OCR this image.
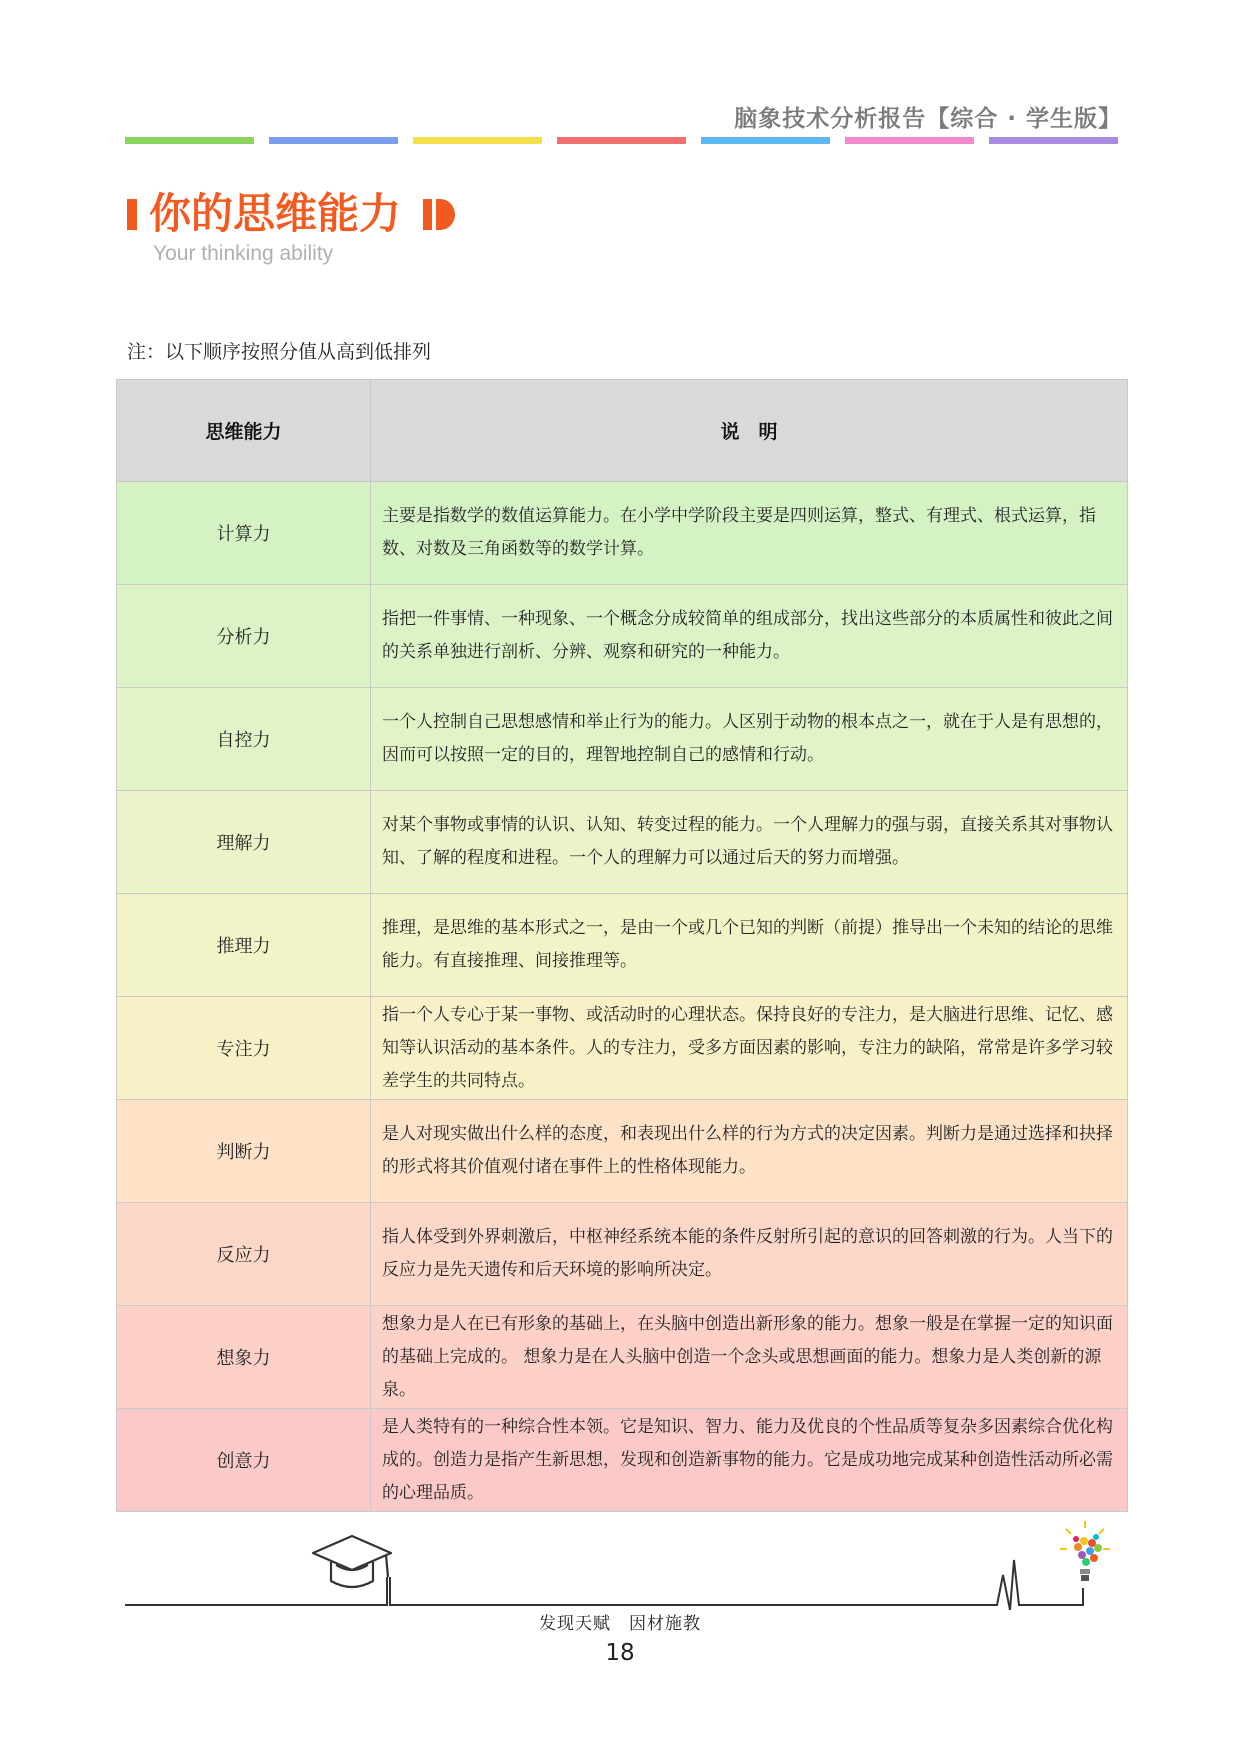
脑象技术分析报告【综合 · 学生版】
你的思维能力
Your thinking ability
注：以下顺序按照分值从高到低排列
思维能力	说　明
计算力	主要是指数学的数值运算能力。在小学中学阶段主要是四则运算，整式、有理式、根式运算，指数、对数及三角函数等的数学计算。
分析力	指把一件事情、一种现象、一个概念分成较简单的组成部分，找出这些部分的本质属性和彼此之间的关系单独进行剖析、分辨、观察和研究的一种能力。
自控力	一个人控制自己思想感情和举止行为的能力。人区别于动物的根本点之一，就在于人是有思想的，因而可以按照一定的目的，理智地控制自己的感情和行动。
理解力	对某个事物或事情的认识、认知、转变过程的能力。一个人理解力的强与弱，直接关系其对事物认知、了解的程度和进程。一个人的理解力可以通过后天的努力而增强。
推理力	推理，是思维的基本形式之一，是由一个或几个已知的判断（前提）推导出一个未知的结论的思维能力。有直接推理、间接推理等。
专注力	指一个人专心于某一事物、或活动时的心理状态。保持良好的专注力，是大脑进行思维、记忆、感知等认识活动的基本条件。人的专注力，受多方面因素的影响，专注力的缺陷，常常是许多学习较差学生的共同特点。
判断力	是人对现实做出什么样的态度，和表现出什么样的行为方式的决定因素。判断力是通过选择和抉择的形式将其价值观付诸在事件上的性格体现能力。
反应力	指人体受到外界刺激后，中枢神经系统本能的条件反射所引起的意识的回答刺激的行为。人当下的反应力是先天遗传和后天环境的影响所决定。
想象力	想象力是人在已有形象的基础上，在头脑中创造出新形象的能力。想象一般是在掌握一定的知识面的基础上完成的。 想象力是在人头脑中创造一个念头或思想画面的能力。想象力是人类创新的源泉。
创意力	是人类特有的一种综合性本领。它是知识、智力、能力及优良的个性品质等复杂多因素综合优化构成的。创造力是指产生新思想，发现和创造新事物的能力。它是成功地完成某种创造性活动所必需的心理品质。
发现天赋　因材施教
18
